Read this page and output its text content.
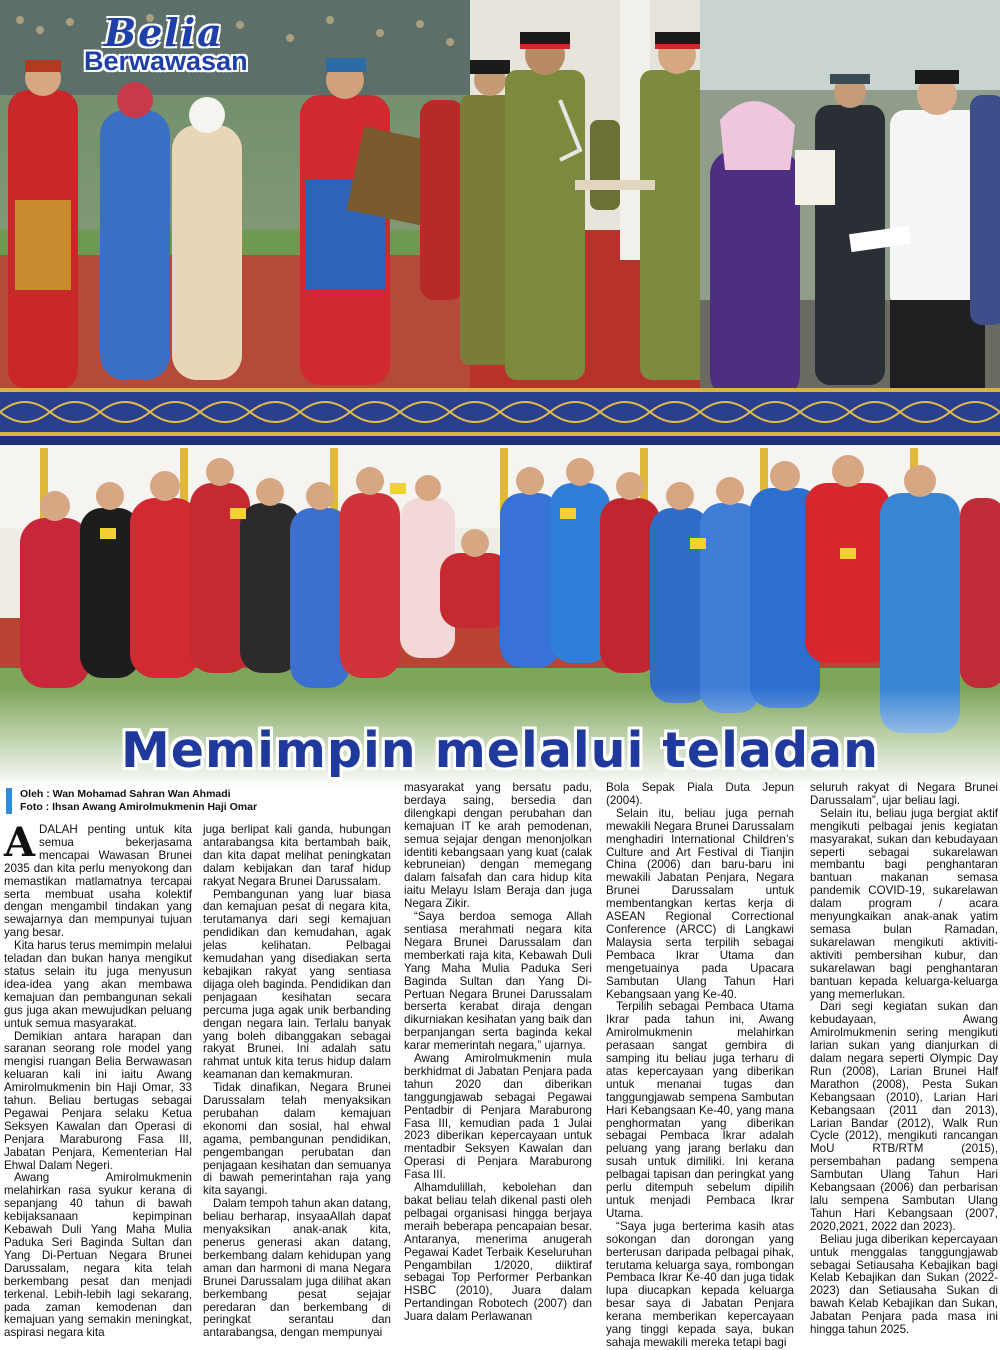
Belia
Berwawasan
Memimpin melalui teladan
Oleh : Wan Mohamad Sahran Wan Ahmadi
Foto : Ihsan Awang Amirolmukmenin Haji Omar
A DALAH penting untuk kita semua bekerjasama mencapai Wawasan Brunei 2035 dan kita perlu menyokong dan memastikan matlamatnya tercapai serta membuat usaha kolektif dengan mengambil tindakan yang sewajarnya dan mempunyai tujuan yang besar.

Kita harus terus memimpin melalui teladan dan bukan hanya mengikut status selain itu juga menyusun idea-idea yang akan membawa kemajuan dan pembangunan sekali gus juga akan mewujudkan peluang untuk semua masyarakat.

Demikian antara harapan dan saranan seorang role model yang mengisi ruangan Belia Berwawasan keluaran kali ini iaitu Awang Amirolmukmenin bin Haji Omar, 33 tahun. Beliau bertugas sebagai Pegawai Penjara selaku Ketua Seksyen Kawalan dan Operasi di Penjara Maraburong Fasa III, Jabatan Penjara, Kementerian Hal Ehwal Dalam Negeri.

Awang Amirolmukmenin melahirkan rasa syukur kerana di sepanjang 40 tahun di bawah kebijaksanaan kepimpinan Kebawah Duli Yang Maha Mulia Paduka Seri Baginda Sultan dan Yang Di-Pertuan Negara Brunei Darussalam, negara kita telah berkembang pesat dan menjadi terkenal. Lebih-lebih lagi sekarang, pada zaman kemodenan dan kemajuan yang semakin meningkat, aspirasi negara kita

juga berlipat kali ganda, hubungan antarabangsa kita bertambah baik, dan kita dapat melihat peningkatan dalam kebijakan dan taraf hidup rakyat Negara Brunei Darussalam.

Pembangunan yang luar biasa dan kemajuan pesat di negara kita, terutamanya dari segi kemajuan pendidikan dan kemudahan, agak jelas kelihatan. Pelbagai kemudahan yang disediakan serta kebajikan rakyat yang sentiasa dijaga oleh baginda. Pendidikan dan penjagaan kesihatan secara percuma juga agak unik berbanding dengan negara lain. Terlalu banyak yang boleh dibanggakan sebagai rakyat Brunei. Ini adalah satu rahmat untuk kita terus hidup dalam keamanan dan kemakmuran.

Tidak dinafikan, Negara Brunei Darussalam telah menyaksikan perubahan dalam kemajuan ekonomi dan sosial, hal ehwal agama, pembangunan pendidikan, pengembangan perubatan dan penjagaan kesihatan dan semuanya di bawah pemerintahan raja yang kita sayangi.

Dalam tempoh tahun akan datang, beliau berharap, insyaaAllah dapat menyaksikan anak-anak kita, penerus generasi akan datang, berkembang dalam kehidupan yang aman dan harmoni di mana Negara Brunei Darussalam juga dilihat akan berkembang pesat sejajar peredaran dan berkembang di peringkat serantau dan antarabangsa, dengan mempunyai

masyarakat yang bersatu padu, berdaya saing, bersedia dan dilengkapi dengan perubahan dan kemajuan IT ke arah pemodenan, semua sejajar dengan menonjolkan identiti kebangsaan yang kuat (calak kebruneian) dengan memegang dalam falsafah dan cara hidup kita iaitu Melayu Islam Beraja dan juga Negara Zikir.

“Saya berdoa semoga Allah sentiasa merahmati negara kita Negara Brunei Darussalam dan memberkati raja kita, Kebawah Duli Yang Maha Mulia Paduka Seri Baginda Sultan dan Yang Di-Pertuan Negara Brunei Darussalam berserta kerabat diraja dengan dikurniakan kesihatan yang baik dan berpanjangan serta baginda kekal karar memerintah negara,” ujarnya.

Awang Amirolmukmenin mula berkhidmat di Jabatan Penjara pada tahun 2020 dan diberikan tanggungjawab sebagai Pegawai Pentadbir di Penjara Maraburong Fasa III, kemudian pada 1 Julai 2023 diberikan kepercayaan untuk mentadbir Seksyen Kawalan dan Operasi di Penjara Maraburong Fasa III.

Alhamdulillah, kebolehan dan bakat beliau telah dikenal pasti oleh pelbagai organisasi hingga berjaya meraih beberapa pencapaian besar. Antaranya, menerima anugerah Pegawai Kadet Terbaik Keseluruhan Pengambilan 1/2020, diiktiraf sebagai Top Performer Perbankan HSBC (2010), Juara dalam Pertandingan Robotech (2007) dan Juara dalam Perlawanan

Bola Sepak Piala Duta Jepun (2004).

Selain itu, beliau juga pernah mewakili Negara Brunei Darussalam menghadiri International Children’s Culture and Art Festival di Tianjin China (2006) dan baru-baru ini mewakili Jabatan Penjara, Negara Brunei Darussalam untuk membentangkan kertas kerja di ASEAN Regional Correctional Conference (ARCC) di Langkawi Malaysia serta terpilih sebagai Pembaca Ikrar Utama dan mengetuainya pada Upacara Sambutan Ulang Tahun Hari Kebangsaan yang Ke-40.

Terpilih sebagai Pembaca Utama Ikrar pada tahun ini, Awang Amirolmukmenin melahirkan perasaan sangat gembira di samping itu beliau juga terharu di atas kepercayaan yang diberikan untuk menanai tugas dan tanggungjawab sempena Sambutan Hari Kebangsaan Ke-40, yang mana penghormatan yang diberikan sebagai Pembaca Ikrar adalah peluang yang jarang berlaku dan susah untuk dimiliki. Ini kerana pelbagai tapisan dan peringkat yang perlu ditempuh sebelum dipilih untuk menjadi Pembaca Ikrar Utama.

“Saya juga berterima kasih atas sokongan dan dorongan yang berterusan daripada pelbagai pihak, terutama keluarga saya, rombongan Pembaca Ikrar Ke-40 dan juga tidak lupa diucapkan kepada keluarga besar saya di Jabatan Penjara kerana memberikan kepercayaan yang tinggi kepada saya, bukan sahaja mewakili mereka tetapi bagi

seluruh rakyat di Negara Brunei Darussalam”, ujar beliau lagi.

Selain itu, beliau juga bergiat aktif mengikuti pelbagai jenis kegiatan masyarakat, sukan dan kebudayaan seperti sebagai sukarelawan membantu bagi penghantaran bantuan makanan semasa pandemik COVID-19, sukarelawan dalam program / acara menyungkaikan anak-anak yatim semasa bulan Ramadan, sukarelawan mengikuti aktiviti-aktiviti pembersihan kubur, dan sukarelawan bagi penghantaran bantuan kepada keluarga-keluarga yang memerlukan.

Dari segi kegiatan sukan dan kebudayaan, Awang Amirolmukmenin sering mengikuti larian sukan yang dianjurkan di dalam negara seperti Olympic Day Run (2008), Larian Brunei Half Marathon (2008), Pesta Sukan Kebangsaan (2010), Larian Hari Kebangsaan (2011 dan 2013), Larian Bandar (2012), Walk Run Cycle (2012), mengikuti rancangan MoU RTB/RTM (2015), persembahan padang sempena Sambutan Ulang Tahun Hari Kebangsaan (2006) dan perbarisan lalu sempena Sambutan Ulang Tahun Hari Kebangsaan (2007, 2020,2021, 2022 dan 2023).

Beliau juga diberikan kepercayaan untuk menggalas tanggungjawab sebagai Setiausaha Kebajikan bagi Kelab Kebajikan dan Sukan (2022-2023) dan Setiausaha Sukan di bawah Kelab Kebajikan dan Sukan, Jabatan Penjara pada masa ini hingga tahun 2025.
